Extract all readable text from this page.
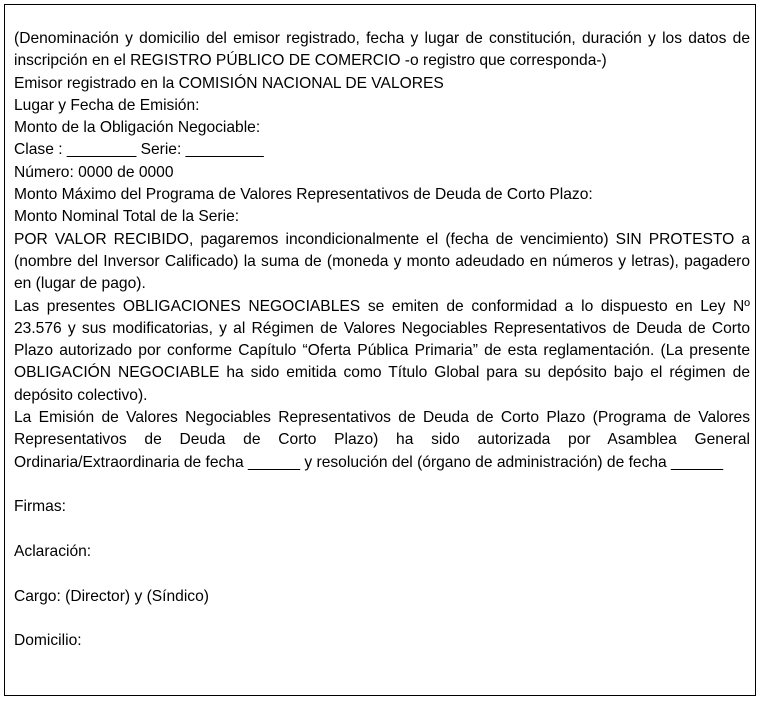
(Denominación y domicilio del emisor registrado, fecha y lugar de constitución, duración y los datos de inscripción en el REGISTRO PÚBLICO DE COMERCIO -o registro que corresponda-)
Emisor registrado en la COMISIÓN NACIONAL DE VALORES
Lugar y Fecha de Emisión:
Monto de la Obligación Negociable:
Clase : ________ Serie: _________
Número: 0000 de 0000
Monto Máximo del Programa de Valores Representativos de Deuda de Corto Plazo:
Monto Nominal Total de la Serie:
POR VALOR RECIBIDO, pagaremos incondicionalmente el (fecha de vencimiento) SIN PROTESTO a (nombre del Inversor Calificado) la suma de (moneda y monto adeudado en números y letras), pagadero en (lugar de pago).
Las presentes OBLIGACIONES NEGOCIABLES se emiten de conformidad a lo dispuesto en Ley Nº 23.576 y sus modificatorias, y al Régimen de Valores Negociables Representativos de Deuda de Corto Plazo autorizado por conforme Capítulo “Oferta Pública Primaria” de esta reglamentación. (La presente OBLIGACIÓN NEGOCIABLE ha sido emitida como Título Global para su depósito bajo el régimen de depósito colectivo).
La Emisión de Valores Negociables Representativos de Deuda de Corto Plazo (Programa de Valores Representativos de Deuda de Corto Plazo) ha sido autorizada por Asamblea General Ordinaria/Extraordinaria de fecha ______ y resolución del (órgano de administración) de fecha ______
Firmas:
Aclaración:
Cargo: (Director) y (Síndico)
Domicilio:
